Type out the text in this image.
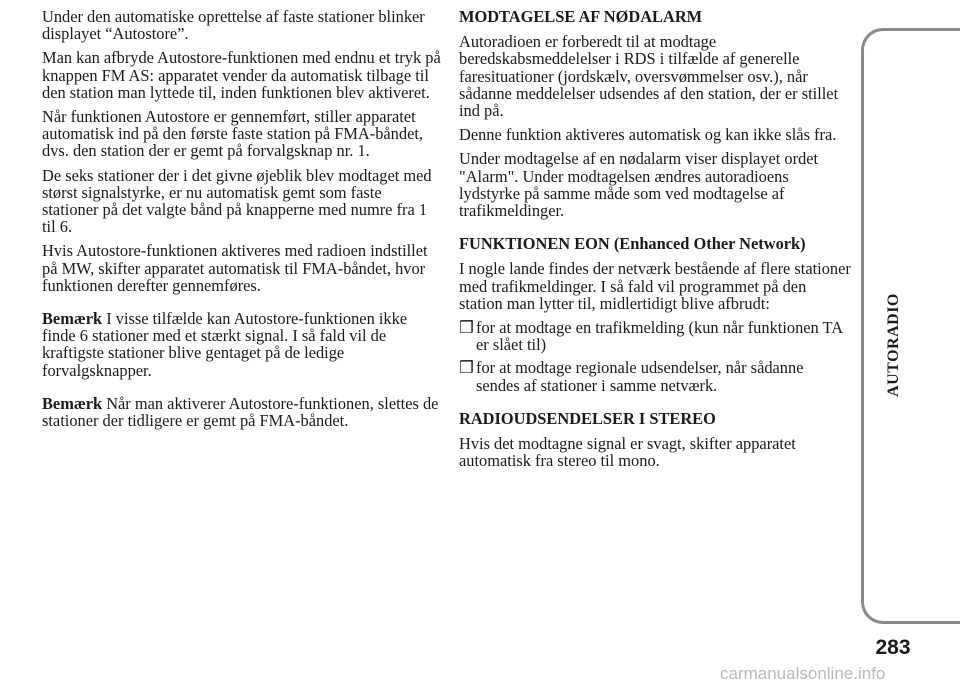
Under den automatiske oprettelse af faste stationer blinker displayet “Autostore”.

Man kan afbryde Autostore-funktionen med endnu et tryk på knappen FM AS: apparatet vender da automatisk tilbage til den station man lyttede til, inden funktionen blev aktiveret.

Når funktionen Autostore er gennemført, stiller apparatet automatisk ind på den første faste station på FMA-båndet, dvs. den station der er gemt på forvalgsknap nr. 1.

De seks stationer der i det givne øjeblik blev modtaget med størst signalstyrke, er nu automatisk gemt som faste stationer på det valgte bånd på knapperne med numre fra 1 til 6.

Hvis Autostore-funktionen aktiveres med radioen indstillet på MW, skifter apparatet automatisk til FMA-båndet, hvor funktionen derefter gennemføres.

Bemærk I visse tilfælde kan Autostore-funktionen ikke finde 6 stationer med et stærkt signal. I så fald vil de kraftigste stationer blive gentaget på de ledige forvalgsknapper.

Bemærk Når man aktiverer Autostore-funktionen, slettes de stationer der tidligere er gemt på FMA-båndet.

MODTAGELSE AF NØDALARM

Autoradioen er forberedt til at modtage beredskabsmeddelelser i RDS i tilfælde af generelle faresituationer (jordskælv, oversvømmelser osv.), når sådanne meddelelser udsendes af den station, der er stillet ind på.

Denne funktion aktiveres automatisk og kan ikke slås fra.

Under modtagelse af en nødalarm viser displayet ordet "Alarm". Under modtagelsen ændres autoradioens lydstyrke på samme måde som ved modtagelse af trafikmeldinger.

FUNKTIONEN EON (Enhanced Other Network)

I nogle lande findes der netværk bestående af flere stationer med trafikmeldinger. I så fald vil programmet på den station man lytter til, midlertidigt blive afbrudt:

❒ for at modtage en trafikmelding (kun når funktionen TA er slået til)
❒ for at modtage regionale udsendelser, når sådanne sendes af stationer i samme netværk.
RADIOUDSENDELSER I STEREO

Hvis det modtagne signal er svagt, skifter apparatet automatisk fra stereo til mono.

AUTORADIO
283
carmanualsonline.info
